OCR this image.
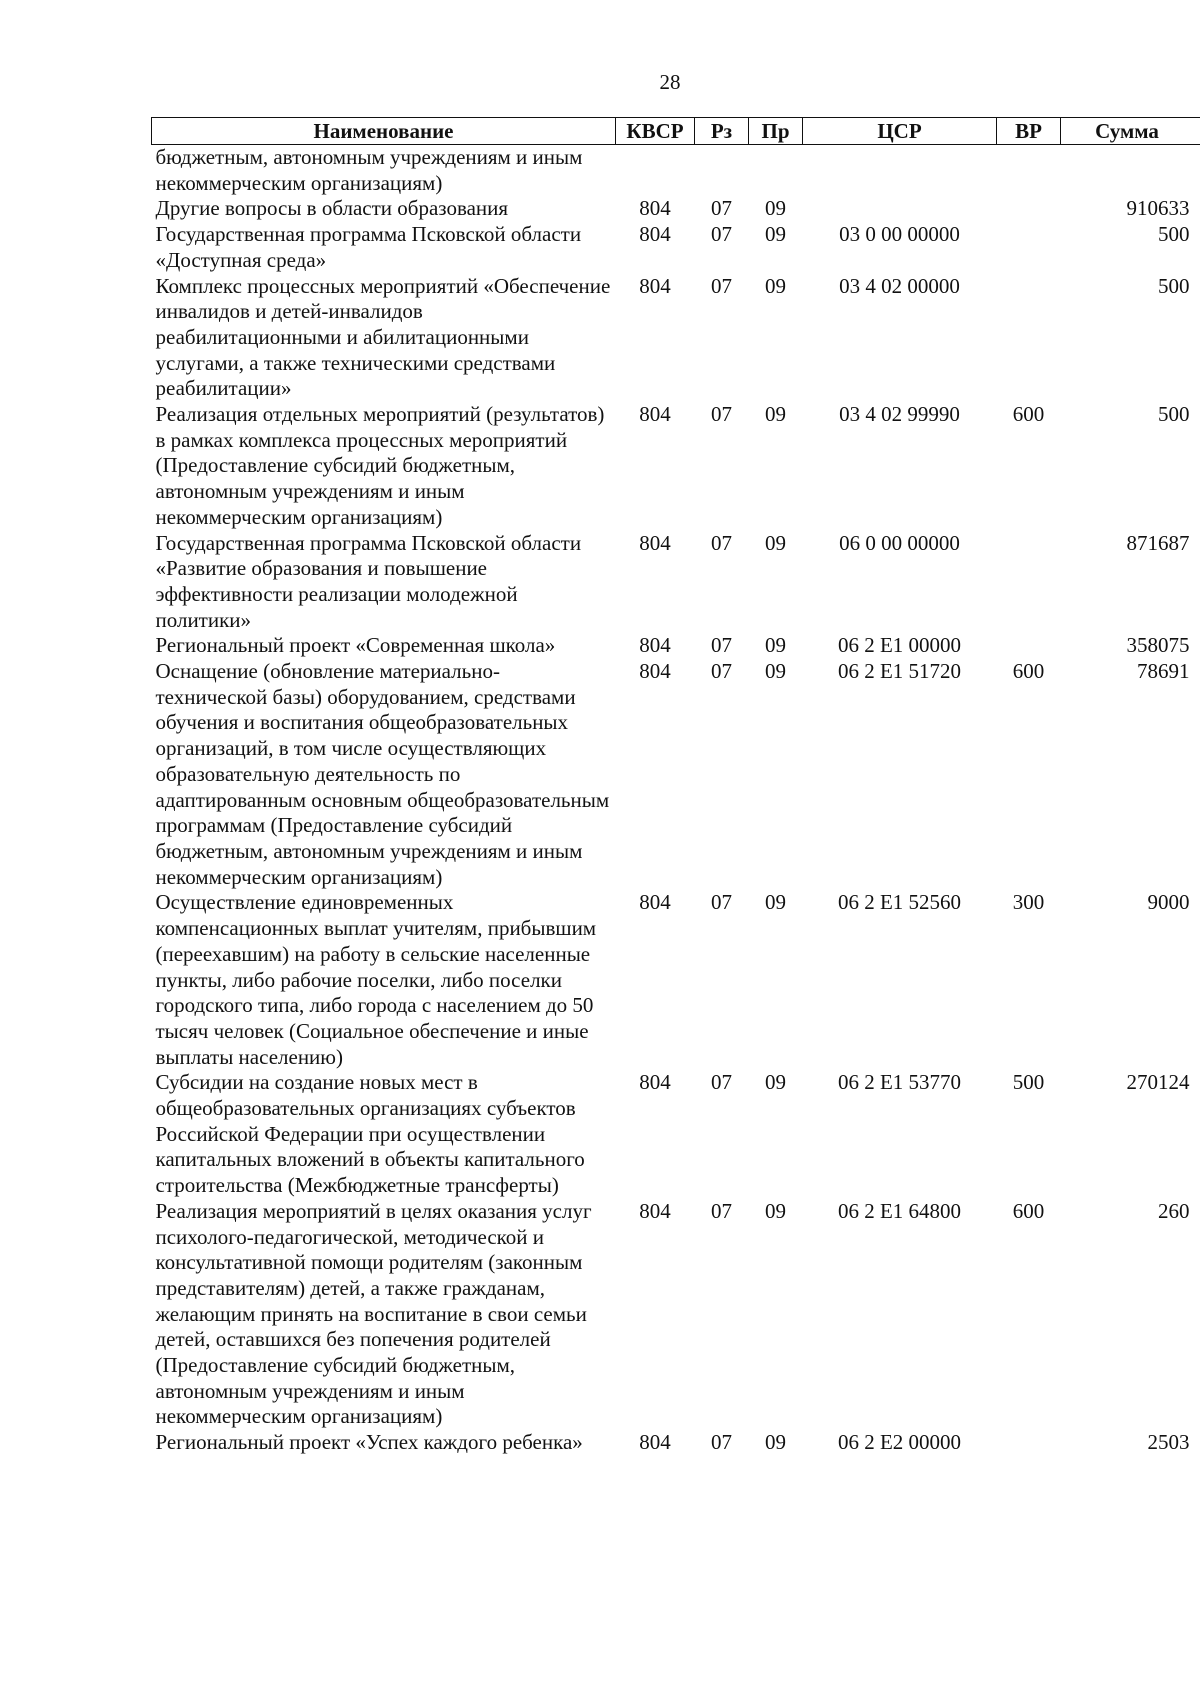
28
Наименование	КВСР	Рз	Пр	ЦСР	ВР	Сумма
бюджетным, автономным учреждениям и иным некоммерческим организациям)						
Другие вопросы в области образования	804	07	09			910633
Государственная программа Псковской области «Доступная среда»	804	07	09	03 0 00 00000		500
Комплекс процессных мероприятий «Обеспечение инвалидов и детей-инвалидов реабилитационными и абилитационными услугами, а также техническими средствами реабилитации»	804	07	09	03 4 02 00000		500
Реализация отдельных мероприятий (результатов) в рамках комплекса процессных мероприятий (Предоставление субсидий бюджетным, автономным учреждениям и иным некоммерческим организациям)	804	07	09	03 4 02 99990	600	500
Государственная программа Псковской области «Развитие образования и повышение эффективности реализации молодежной политики»	804	07	09	06 0 00 00000		871687
Региональный проект «Современная школа»	804	07	09	06 2 E1 00000		358075
Оснащение (обновление материально-технической базы) оборудованием, средствами обучения и воспитания общеобразовательных организаций, в том числе осуществляющих образовательную деятельность по адаптированным основным общеобразовательным программам (Предоставление субсидий бюджетным, автономным учреждениям и иным некоммерческим организациям)	804	07	09	06 2 E1 51720	600	78691
Осуществление единовременных компенсационных выплат учителям, прибывшим (переехавшим) на работу в сельские населенные пункты, либо рабочие поселки, либо поселки городского типа, либо города с населением до 50 тысяч человек (Социальное обеспечение и иные выплаты населению)	804	07	09	06 2 E1 52560	300	9000
Субсидии на создание новых мест в общеобразовательных организациях субъектов Российской Федерации при осуществлении капитальных вложений в объекты капитального строительства (Межбюджетные трансферты)	804	07	09	06 2 E1 53770	500	270124
Реализация мероприятий в целях оказания услуг психолого-педагогической, методической и консультативной помощи родителям (законным представителям) детей, а также гражданам, желающим принять на воспитание в свои семьи детей, оставшихся без попечения родителей (Предоставление субсидий бюджетным, автономным учреждениям и иным некоммерческим организациям)	804	07	09	06 2 E1 64800	600	260
Региональный проект «Успех каждого ребенка»	804	07	09	06 2 E2 00000		2503
